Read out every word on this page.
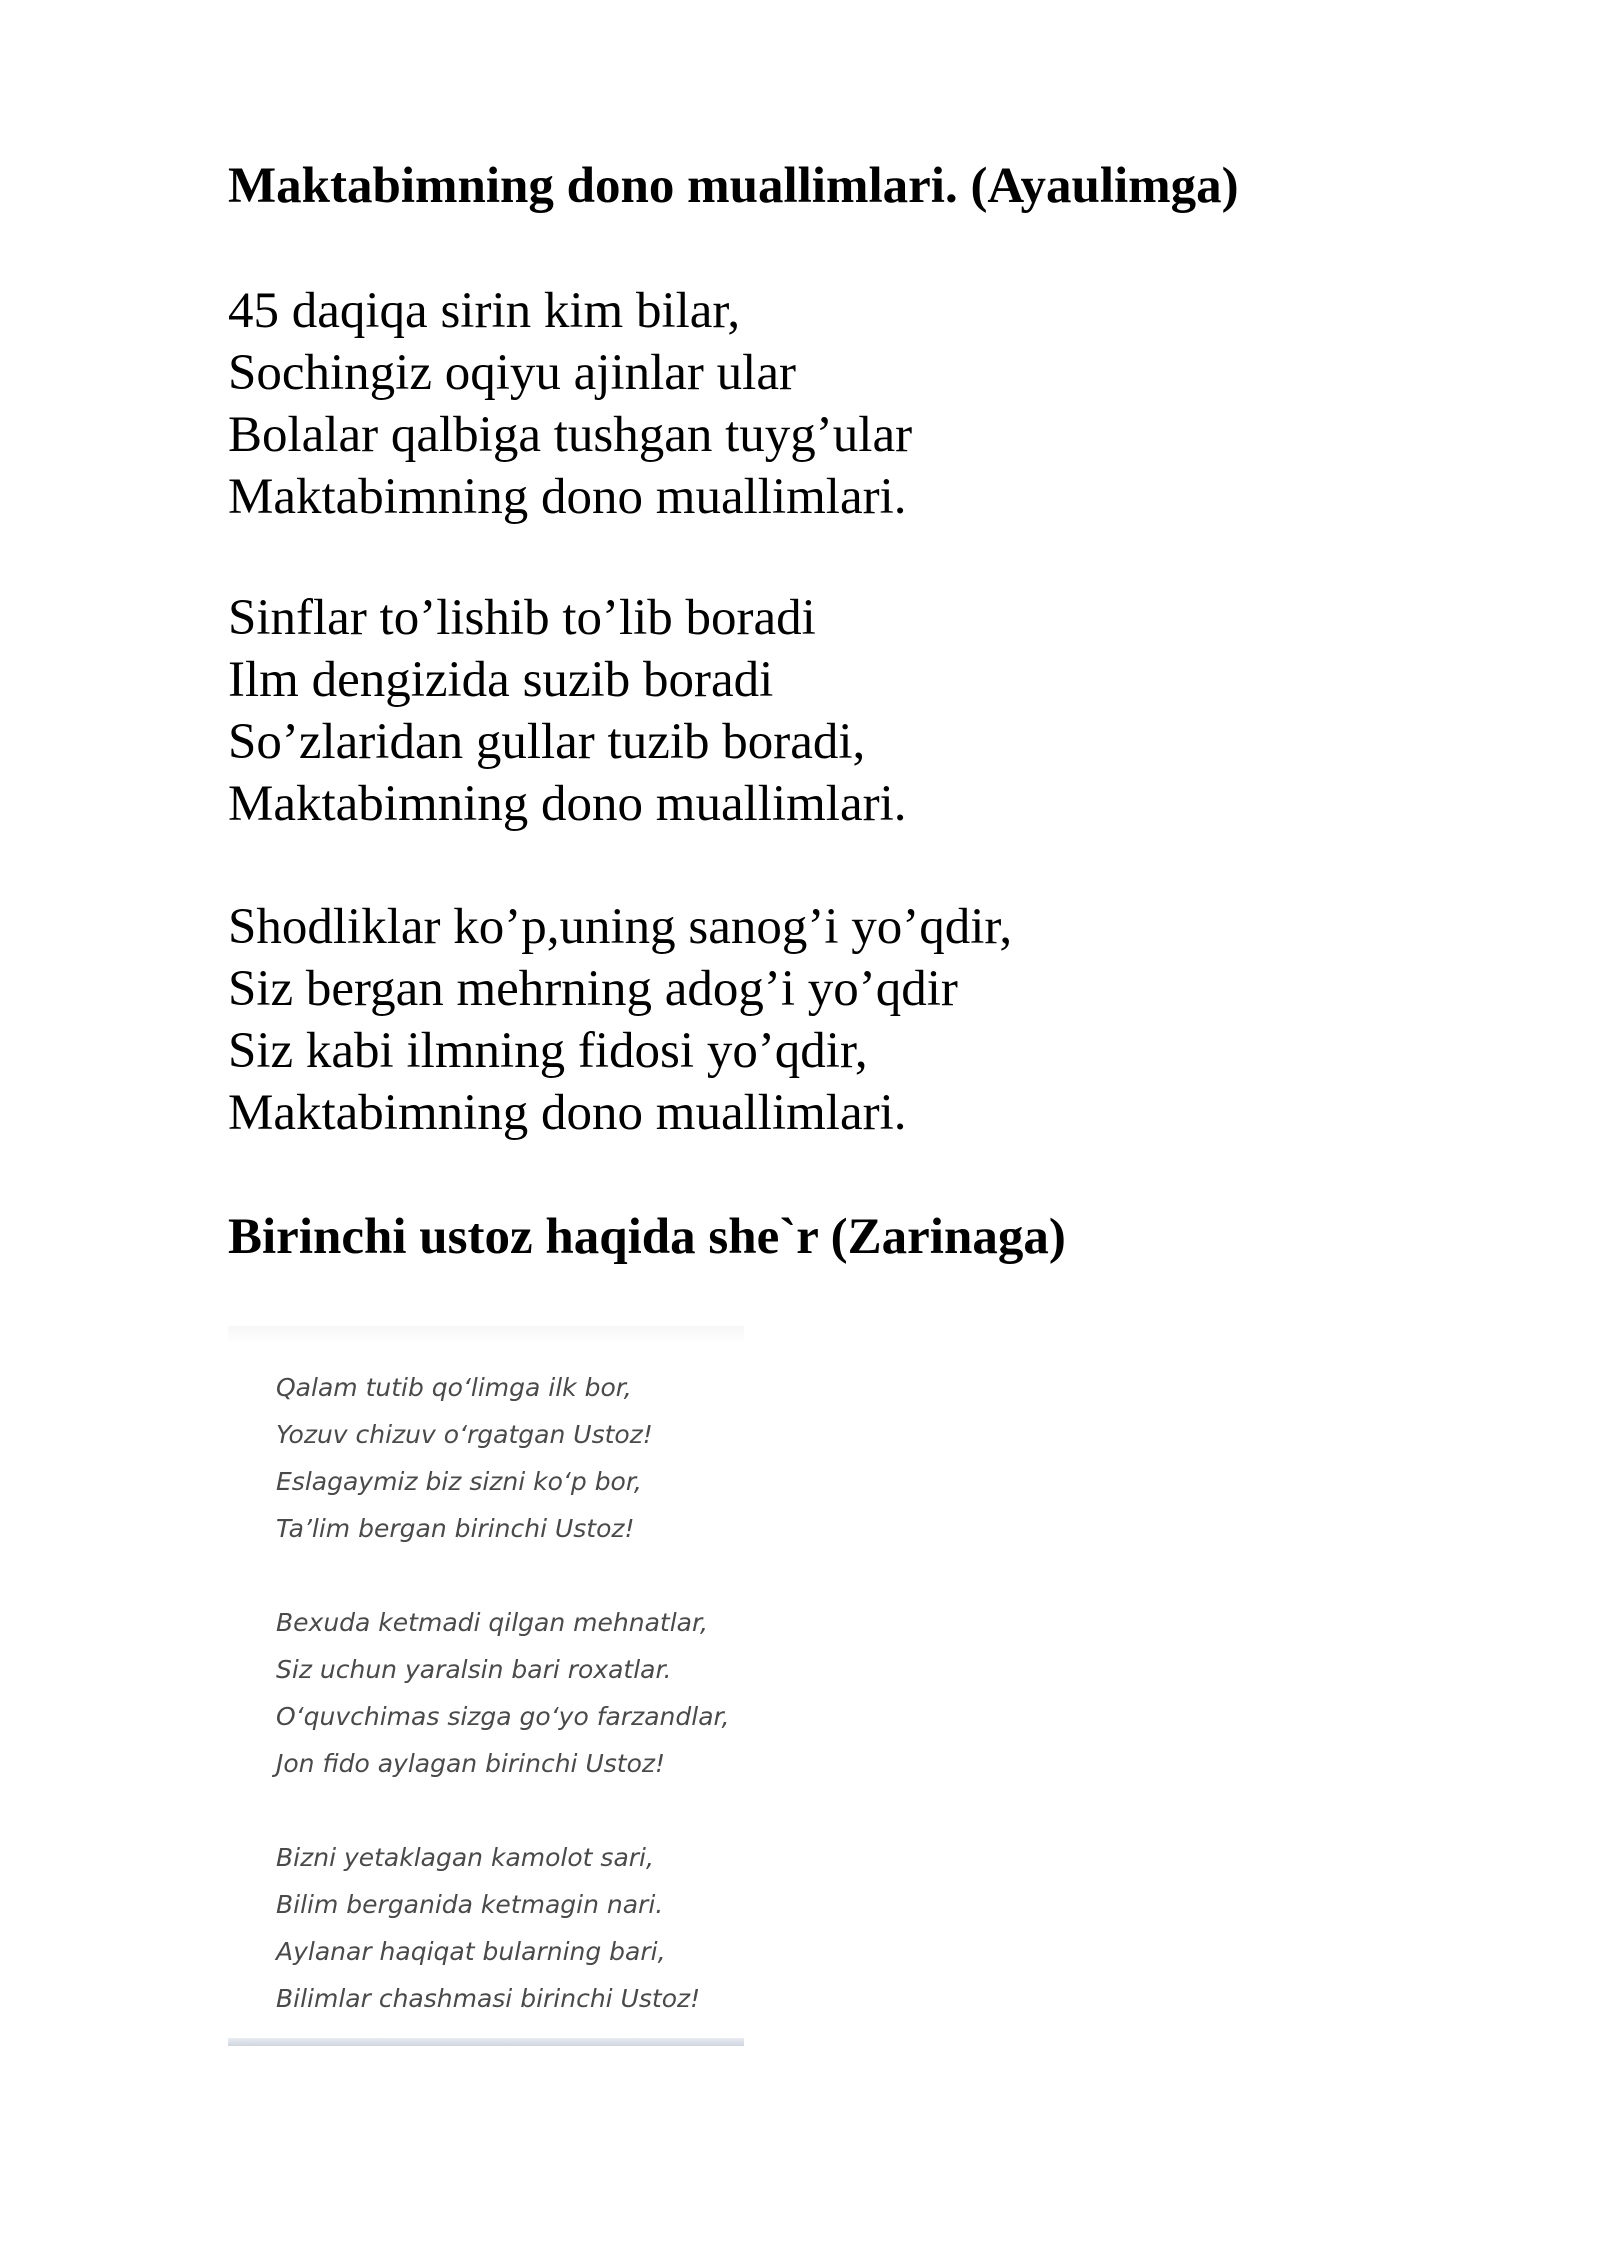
Maktabimning dono muallimlari. (Ayaulimga)
45 daqiqa sirin kim bilar,
Sochingiz oqiyu ajinlar ular
Bolalar qalbiga tushgan tuyg’ular
Maktabimning dono muallimlari.
Sinflar to’lishib to’lib boradi
Ilm dengizida suzib boradi
So’zlaridan gullar tuzib boradi,
Maktabimning dono muallimlari.
Shodliklar ko’p,uning sanog’i yo’qdir,
Siz bergan mehrning adog’i yo’qdir
Siz kabi ilmning fidosi yo’qdir,
Maktabimning dono muallimlari.
Birinchi ustoz haqida she`r (Zarinaga)
Qalam tutib qo‘limga ilk bor,
Yozuv chizuv o‘rgatgan Ustoz!
Eslagaymiz biz sizni ko‘p bor,
Ta’lim bergan birinchi Ustoz!
Bexuda ketmadi qilgan mehnatlar,
Siz uchun yaralsin bari roxatlar.
O‘quvchimas sizga go‘yo farzandlar,
Jon fido aylagan birinchi Ustoz!
Bizni yetaklagan kamolot sari,
Bilim berganida ketmagin nari.
Aylanar haqiqat bularning bari,
Bilimlar chashmasi birinchi Ustoz!
